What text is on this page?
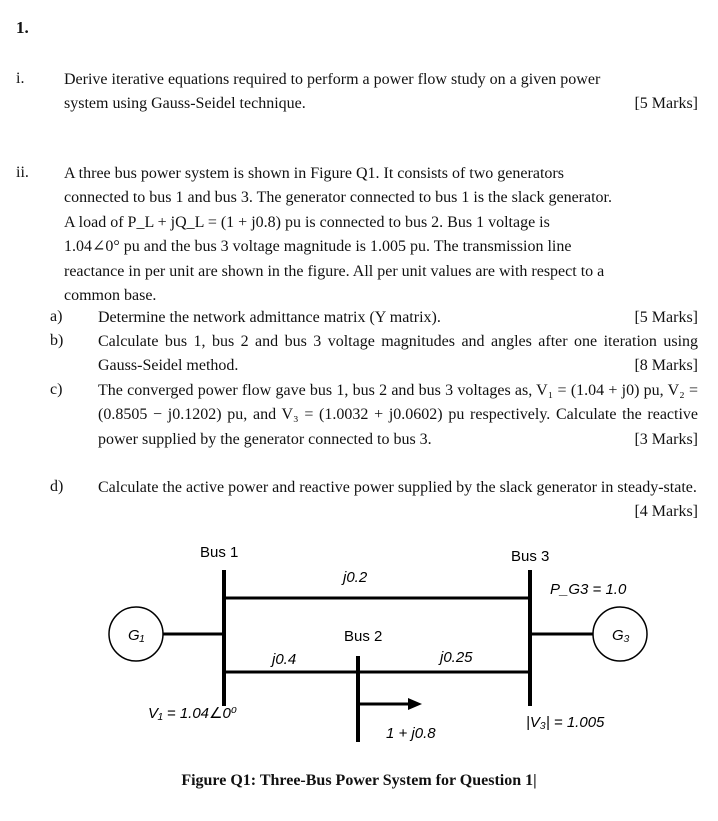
1.
i. Derive iterative equations required to perform a power flow study on a given power
system using Gauss-Seidel technique.	[5 Marks]
ii. A three bus power system is shown in Figure Q1. It consists of two generators
connected to bus 1 and bus 3. The generator connected to bus 1 is the slack generator.
A load of P_L + jQ_L = (1 + j0.8) pu is connected to bus 2. Bus 1 voltage is
1.04∠0° pu and the bus 3 voltage magnitude is 1.005 pu. The transmission line
reactance in per unit are shown in the figure. All per unit values are with respect to a
common base.
a) Determine the network admittance matrix (Y matrix).	[5 Marks]
b) Calculate bus 1, bus 2 and bus 3 voltage magnitudes and angles after one iteration using Gauss-Seidel method.	[8 Marks]
c) The converged power flow gave bus 1, bus 2 and bus 3 voltages as, V₁ = (1.04 + j0) pu, V₂ = (0.8505 − j0.1202) pu, and V₃ = (1.0032 + j0.0602) pu respectively. Calculate the reactive power supplied by the generator connected to bus 3.	[3 Marks]
d) Calculate the active power and reactive power supplied by the slack generator in steady-state.
[4 Marks]
Bus 1	Bus 3
Bus 2
j0.2
j0.4	j0.25
G₁	G₃
P_G3 = 1.0
V₁ = 1.04∠0⁰
|V₃| = 1.005
1 + j0.8
Figure Q1: Three-Bus Power System for Question 1|
